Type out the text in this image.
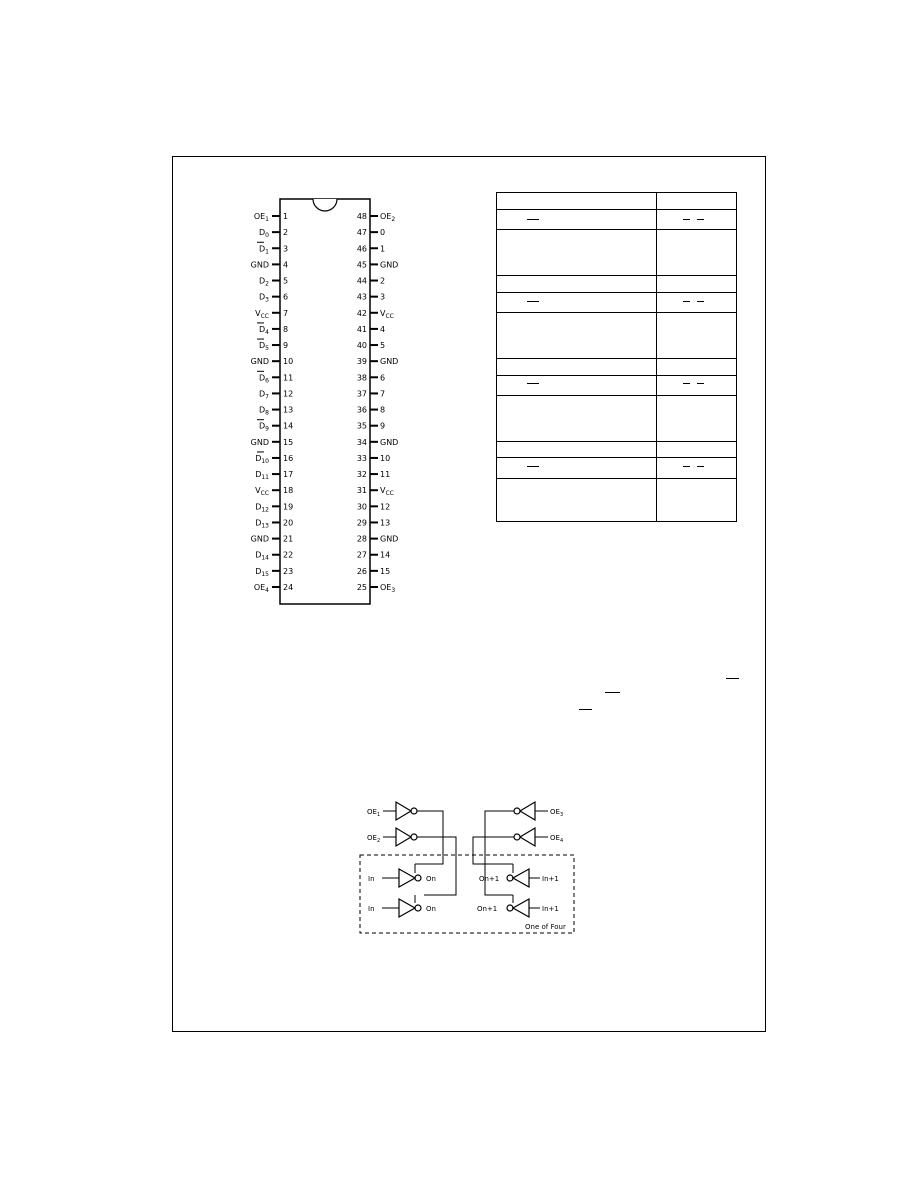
$OE_1$ 1
$D_0$ 2
$D_1$ 3
GND 4
$D_2$ 5
$D_3$ 6
$V_{CC}$ 7
$D_4$ 8
$D_5$ 9
GND 10
$D_6$ 11
$D_7$ 12
$D_8$ 13
$D_9$ 14
GND 15
$D_{10}$ 16
$D_{11}$ 17
$V_{CC}$ 18
$D_{12}$ 19
$D_{13}$ 20
GND 21
$D_{14}$ 22
$D_{15}$ 23
$OE_4$ 24
48 $OE_2$
47 0
46 1
45 GND
44 2
43 3
42 $V_{CC}$
41 4
40 5
39 GND
38 6
37 7
36 8
35 9
34 GND
33 10
32 11
31 $V_{CC}$
30 12
29 13
28 GND
27 14
26 15
25 $OE_3$
$OE_1$
$OE_2$
In	On
In	On
$OE_3$
$OE_4$
On+1	In+1
On+1	In+1
One of Four
